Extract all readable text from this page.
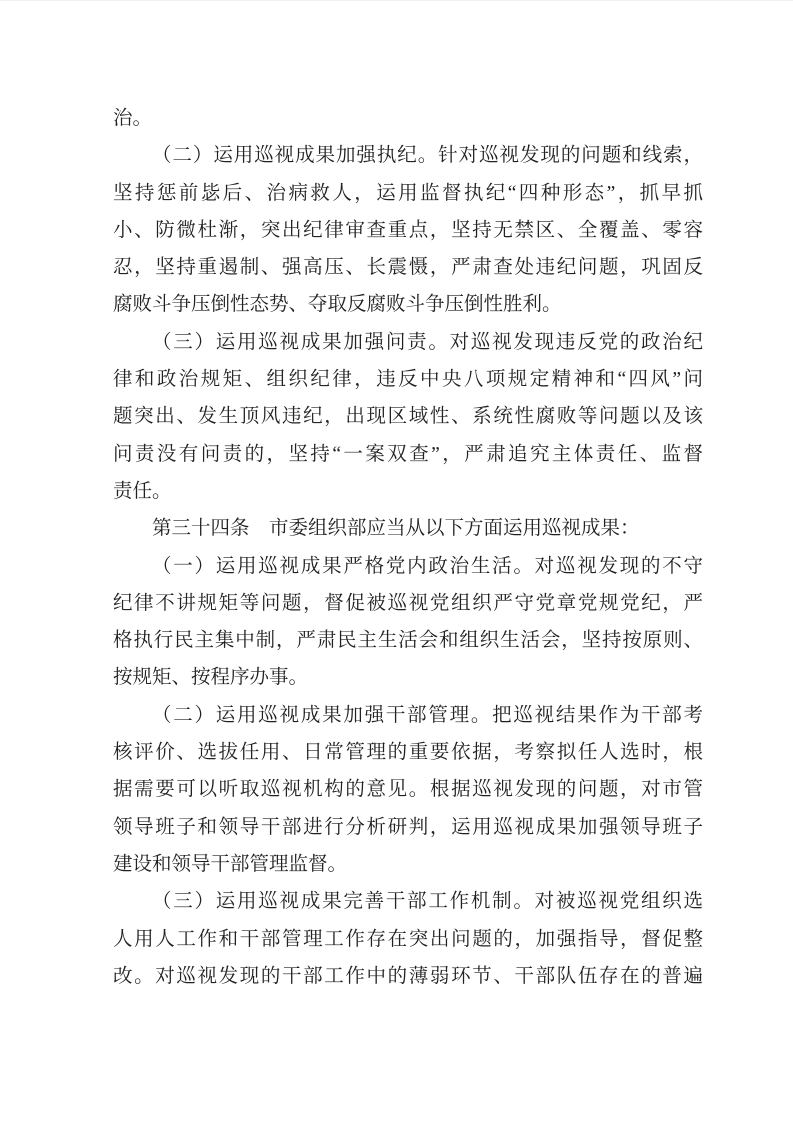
治。
（二）运用巡视成果加强执纪。针对巡视发现的问题和线索，
坚持惩前毖后、治病救人，运用监督执纪“四种形态”，抓早抓
小、防微杜渐，突出纪律审查重点，坚持无禁区、全覆盖、零容
忍，坚持重遏制、强高压、长震慑，严肃查处违纪问题，巩固反
腐败斗争压倒性态势、夺取反腐败斗争压倒性胜利。
（三）运用巡视成果加强问责。对巡视发现违反党的政治纪
律和政治规矩、组织纪律，违反中央八项规定精神和“四风”问
题突出、发生顶风违纪，出现区域性、系统性腐败等问题以及该
问责没有问责的，坚持“一案双查”，严肃追究主体责任、监督
责任。
第三十四条　市委组织部应当从以下方面运用巡视成果：
（一）运用巡视成果严格党内政治生活。对巡视发现的不守
纪律不讲规矩等问题，督促被巡视党组织严守党章党规党纪，严
格执行民主集中制，严肃民主生活会和组织生活会，坚持按原则、
按规矩、按程序办事。
（二）运用巡视成果加强干部管理。把巡视结果作为干部考
核评价、选拔任用、日常管理的重要依据，考察拟任人选时，根
据需要可以听取巡视机构的意见。根据巡视发现的问题，对市管
领导班子和领导干部进行分析研判，运用巡视成果加强领导班子
建设和领导干部管理监督。
（三）运用巡视成果完善干部工作机制。对被巡视党组织选
人用人工作和干部管理工作存在突出问题的，加强指导，督促整
改。对巡视发现的干部工作中的薄弱环节、干部队伍存在的普遍
